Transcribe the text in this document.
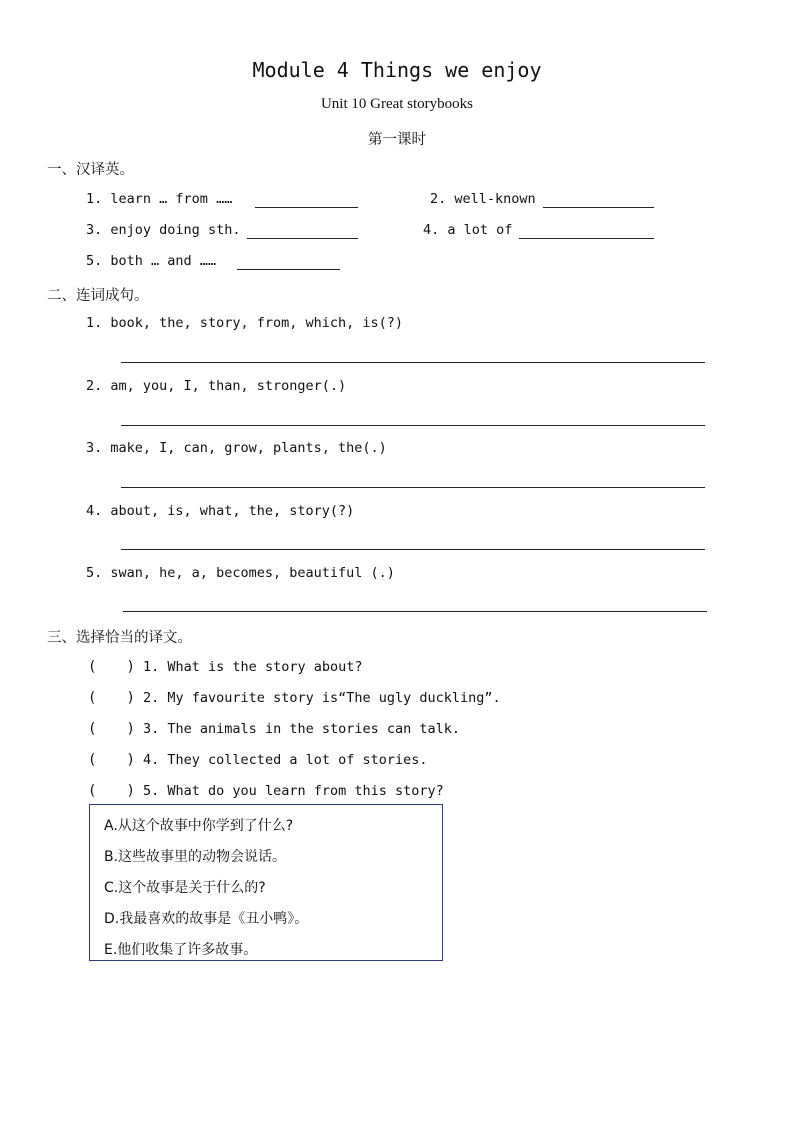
Module 4 Things we enjoy
Unit 10 Great storybooks
第一课时
一、汉译英。
1. learn … from ……	2. well-known
3. enjoy doing sth.	4. a lot of
5. both … and ……
二、连词成句。
1. book, the, story, from, which, is(?)
2. am, you, I, than, stronger(.)
3. make, I, can, grow, plants, the(.)
4. about, is, what, the, story(?)
5. swan, he, a, becomes, beautiful (.)
三、选择恰当的译文。
( ) 1. What is the story about?
( ) 2. My favourite story is“The ugly duckling”.
( ) 3. The animals in the stories can talk.
( ) 4. They collected a lot of stories.
( ) 5. What do you learn from this story?
A.从这个故事中你学到了什么?
B.这些故事里的动物会说话。
C.这个故事是关于什么的?
D.我最喜欢的故事是《丑小鸭》。
E.他们收集了许多故事。
